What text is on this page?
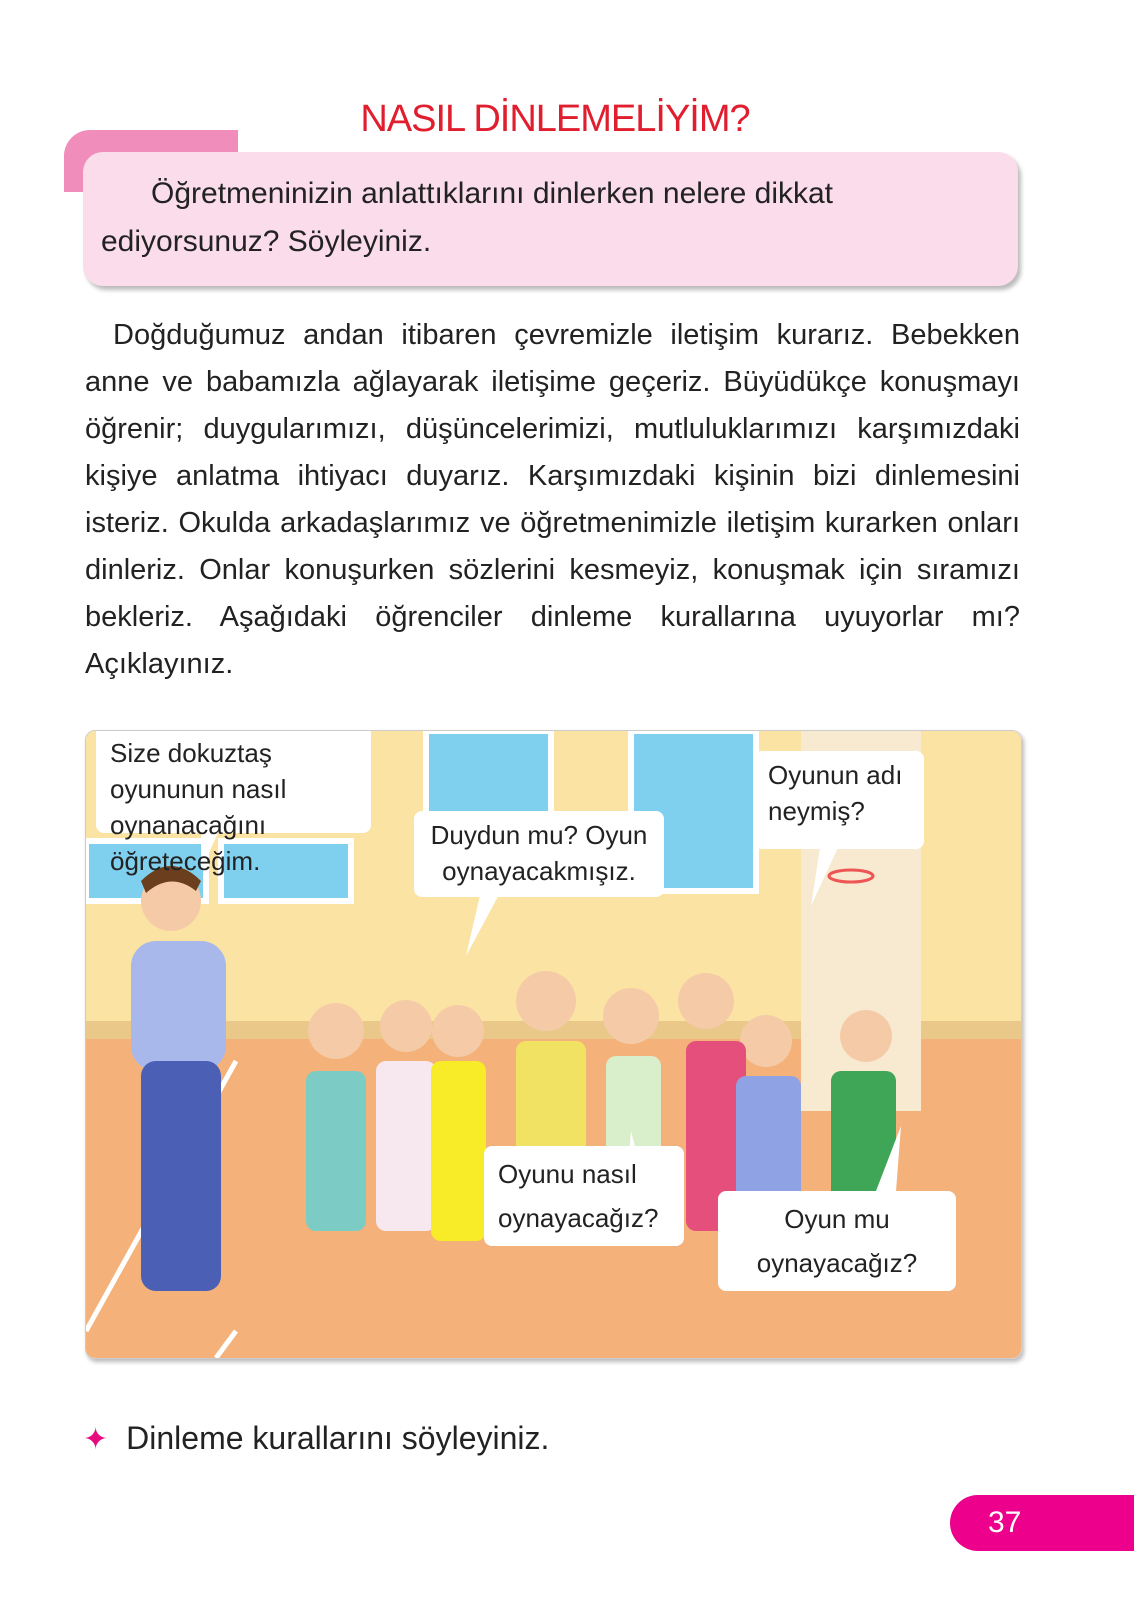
NASIL DİNLEMELİYİM?
Öğretmeninizin anlattıklarını dinlerken nelere dikkat ediyorsunuz? Söyleyiniz.
Doğduğumuz andan itibaren çevremizle iletişim kurarız. Bebekken anne ve babamızla ağlayarak iletişime geçeriz. Büyüdükçe konuşmayı öğrenir; duygularımızı, düşüncelerimizi, mutluluklarımızı karşımızdaki kişiye anlatma ihtiyacı duyarız. Karşımızdaki kişinin bizi dinlemesini isteriz. Okulda arkadaşlarımız ve öğretmenimizle iletişim kurarken onları dinleriz. Onlar konuşurken sözlerini kesmeyiz, konuşmak için sıramızı bekleriz. Aşağıdaki öğrenciler dinleme kurallarına uyuyorlar mı? Açıklayınız.
Size dokuztaş oyununun nasıl oynanacağını öğreteceğim.
Duydun mu? Oyun oynayacakmışız.
Oyunun adı neymiş?
Oyunu nasıl oynayacağız?	Oyun mu oynayacağız?
✦ Dinleme kurallarını söyleyiniz.
37
